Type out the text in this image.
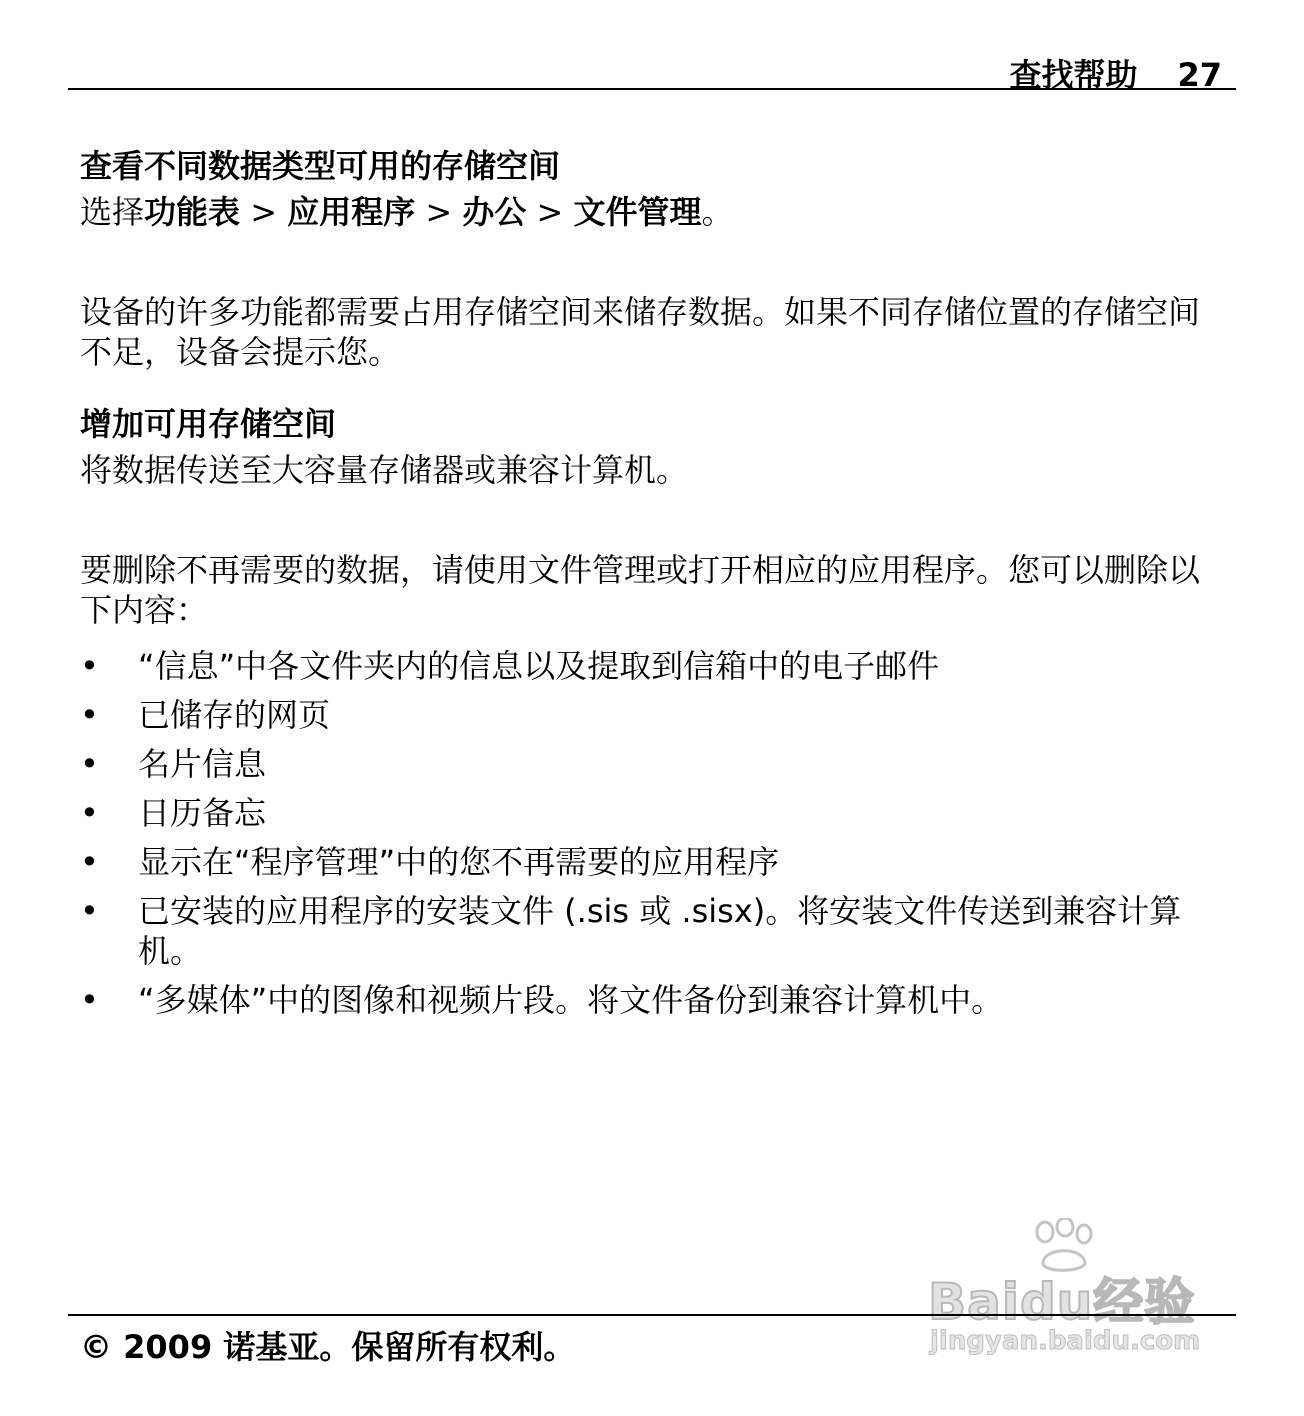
查找帮助 27
查看不同数据类型可用的存储空间

选择功能表 > 应用程序 > 办公 > 文件管理。

设备的许多功能都需要占用存储空间来储存数据。如果不同存储位置的存储空间不足，设备会提示您。

增加可用存储空间

将数据传送至大容量存储器或兼容计算机。

要删除不再需要的数据，请使用文件管理或打开相应的应用程序。您可以删除以下内容：

• “信息”中各文件夹内的信息以及提取到信箱中的电子邮件
• 已储存的网页
• 名片信息
• 日历备忘
• 显示在“程序管理”中的您不再需要的应用程序
• 已安装的应用程序的安装文件 (.sis 或 .sisx)。将安装文件传送到兼容计算机。
• “多媒体”中的图像和视频片段。将文件备份到兼容计算机中。
Baidu经验
jingyan.baidu.com
© 2009 诺基亚。保留所有权利。
